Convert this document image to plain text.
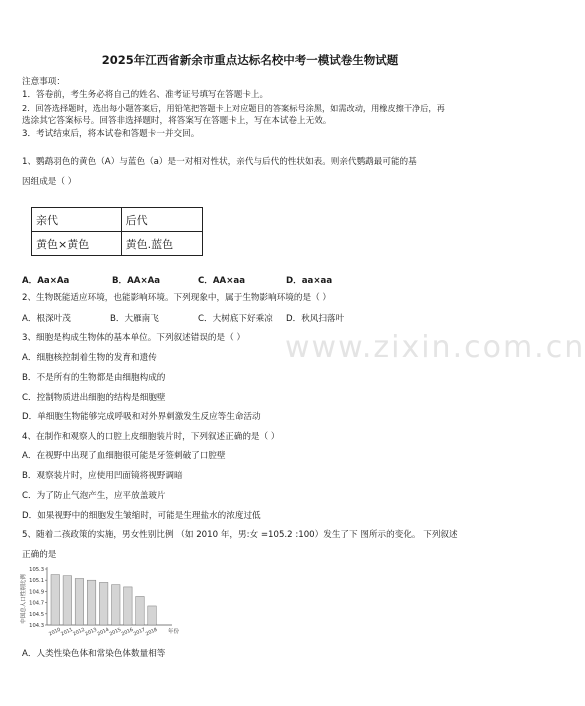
www.zixin.com.cn
2025年江西省新余市重点达标名校中考一模试卷生物试题
注意事项：
1．答卷前，考生务必将自己的姓名、准考证号填写在答题卡上。
2．回答选择题时，选出每小题答案后，用铅笔把答题卡上对应题目的答案标号涂黑，如需改动，用橡皮擦干净后，再
选涂其它答案标号。回答非选择题时，将答案写在答题卡上，写在本试卷上无效。
3．考试结束后，将本试卷和答题卡一并交回。
1、鹦鹉羽色的黄色（A）与蓝色（a）是一对相对性状，亲代与后代的性状如表。则亲代鹦鹉最可能的基
因组成是（ ）
亲代	后代
黄色×黄色	黄色.蓝色
A．Aa×Aa	B．AA×Aa	C．AA×aa	D．aa×aa
2、生物既能适应环境，也能影响环境。下列现象中，属于生物影响环境的是（ ）
A．根深叶茂	B．大雁南飞	C．大树底下好乘凉 D．秋风扫落叶
3、细胞是构成生物体的基本单位。下列叙述错误的是（ ）
A．细胞核控制着生物的发育和遗传
B．不是所有的生物都是由细胞构成的
C．控制物质进出细胞的结构是细胞壁
D．单细胞生物能够完成呼吸和对外界刺激发生反应等生命活动
4、在制作和观察人的口腔上皮细胞装片时，下列叙述正确的是（ ）
A．在视野中出现了血细胞很可能是牙签刺破了口腔壁
B．观察装片时，应使用凹面镜将视野调暗
C．为了防止气泡产生，应平放盖玻片
D．如果视野中的细胞发生皱缩时，可能是生理盐水的浓度过低
5、随着二孩政策的实施，男女性别比例 （如 2010 年，男:女 =105.2 :100）发生了下 图所示的变化。 下列叙述
正确的是
中国总人口性别比例
105.3
105.1
104.9
104.7
104.5
104.3
2010
2011
2012
2013
2014
2015
2016
2017
2018 年份
A．人类性染色体和常染色体数量相等
